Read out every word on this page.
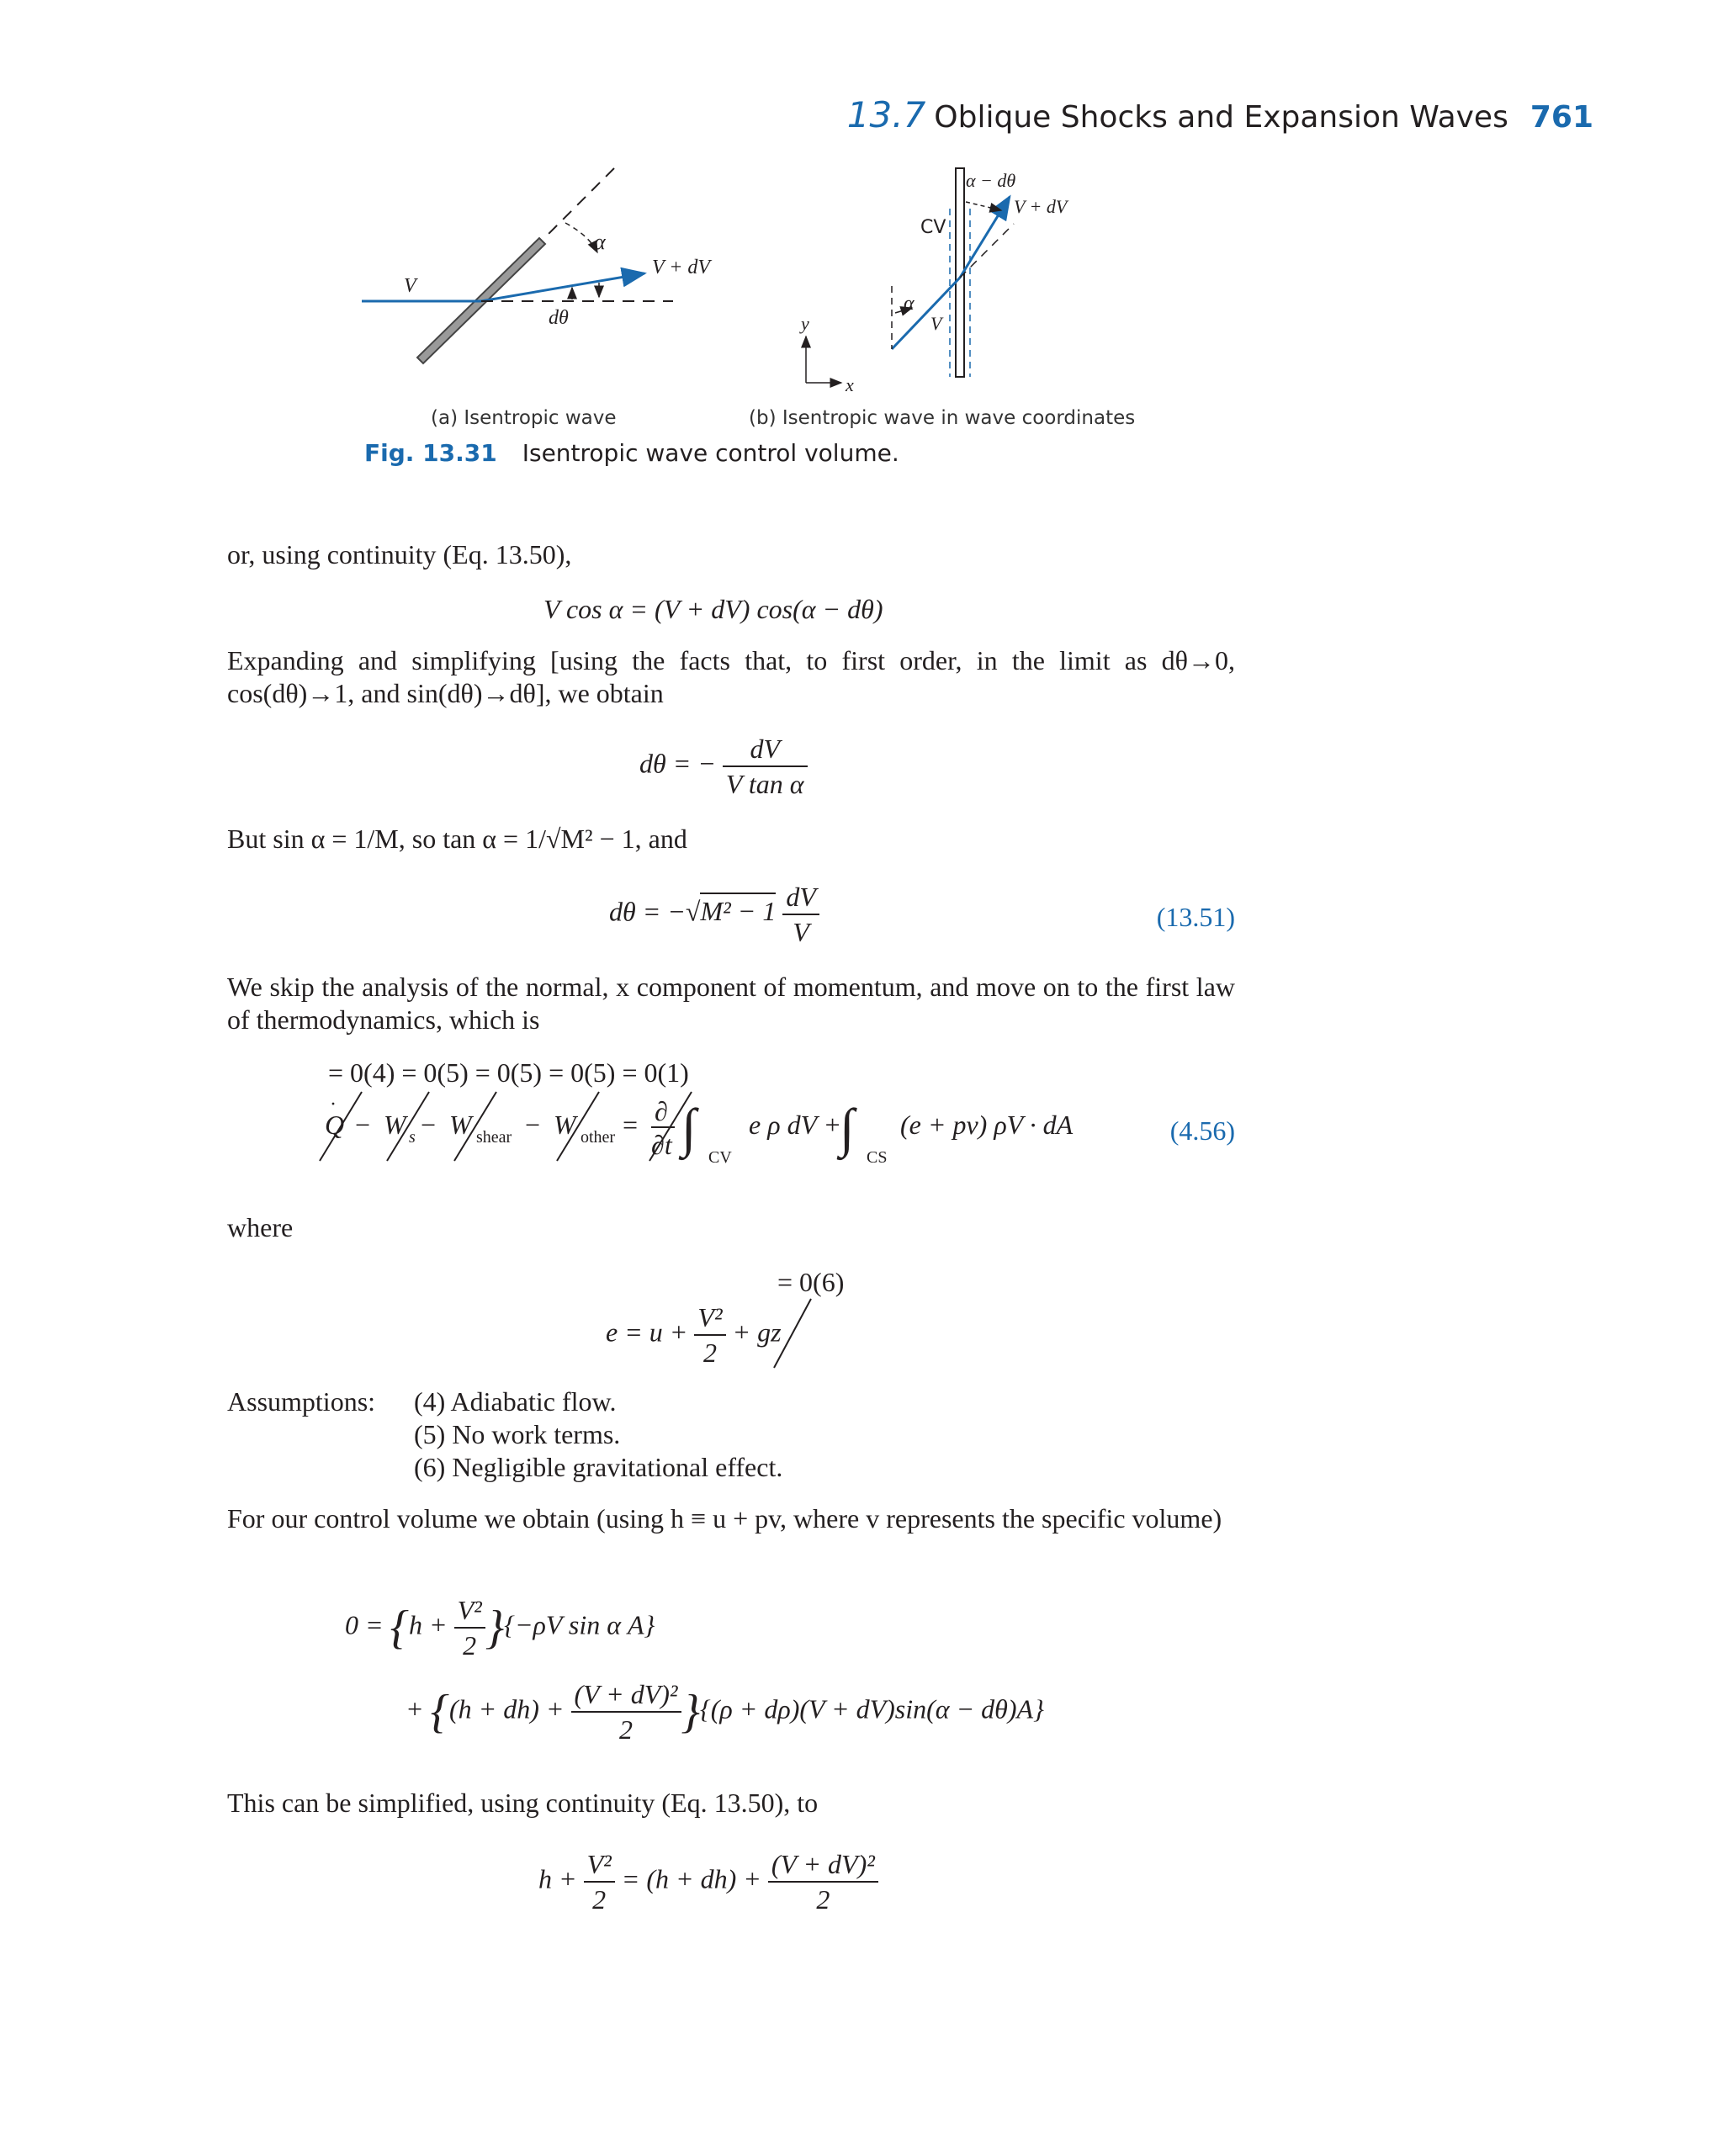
13.7 Oblique Shocks and Expansion Waves 761
V
V + dV
α
dθ
α − dθ
V + dV
CV
α
V
y
x
(a) Isentropic wave	(b) Isentropic wave in wave coordinates
Fig. 13.31 Isentropic wave control volume.
or, using continuity (Eq. 13.50),
V cos α = (V + dV) cos(α − dθ)
Expanding and simplifying [using the facts that, to first order, in the limit as dθ→0, cos(dθ)→1, and sin(dθ)→dθ], we obtain
dθ = − $\frac{dV}{\text{V tan α}}$
But sin α = 1/M, so tan α = 1/√M² − 1, and
$d\theta = -√M^2 - 1 \frac{dV}{V}$	(13.51)
We skip the analysis of the normal, x component of momentum, and move on to the first law of thermodynamics, which is
= 0(4) = 0(5) = 0(5) = 0(5) = 0(1)
Q
·
− W s − W shear − W other = ∂
∂t ∫ CV
e ρ dV +
∫ CS
(e + pv) ρV · dA	(4.56)
where
= 0(6)
$e = u + \frac{\text{V²}}{2}$ + gz
Assumptions: (4) Adiabatic flow.
(5) No work terms.
(6) Negligible gravitational effect.
For our control volume we obtain (using h ≡ u + pv, where v represents the specific volume)
$0 = \{h + \frac{\text{V²}}{2} \}\{-\rho V$ sin α A}
+ $\{(h + dh) + \frac{\text{(V + dV)²}}{2} \}\{(\rho + d\rho)(V + dV)\sin(\alpha - d\theta)A\}$
This can be simplified, using continuity (Eq. 13.50), to
$h + \frac{\text{V²}}{2} = (h + dh) + \frac{\text{(V + dV)²}}{2}$
